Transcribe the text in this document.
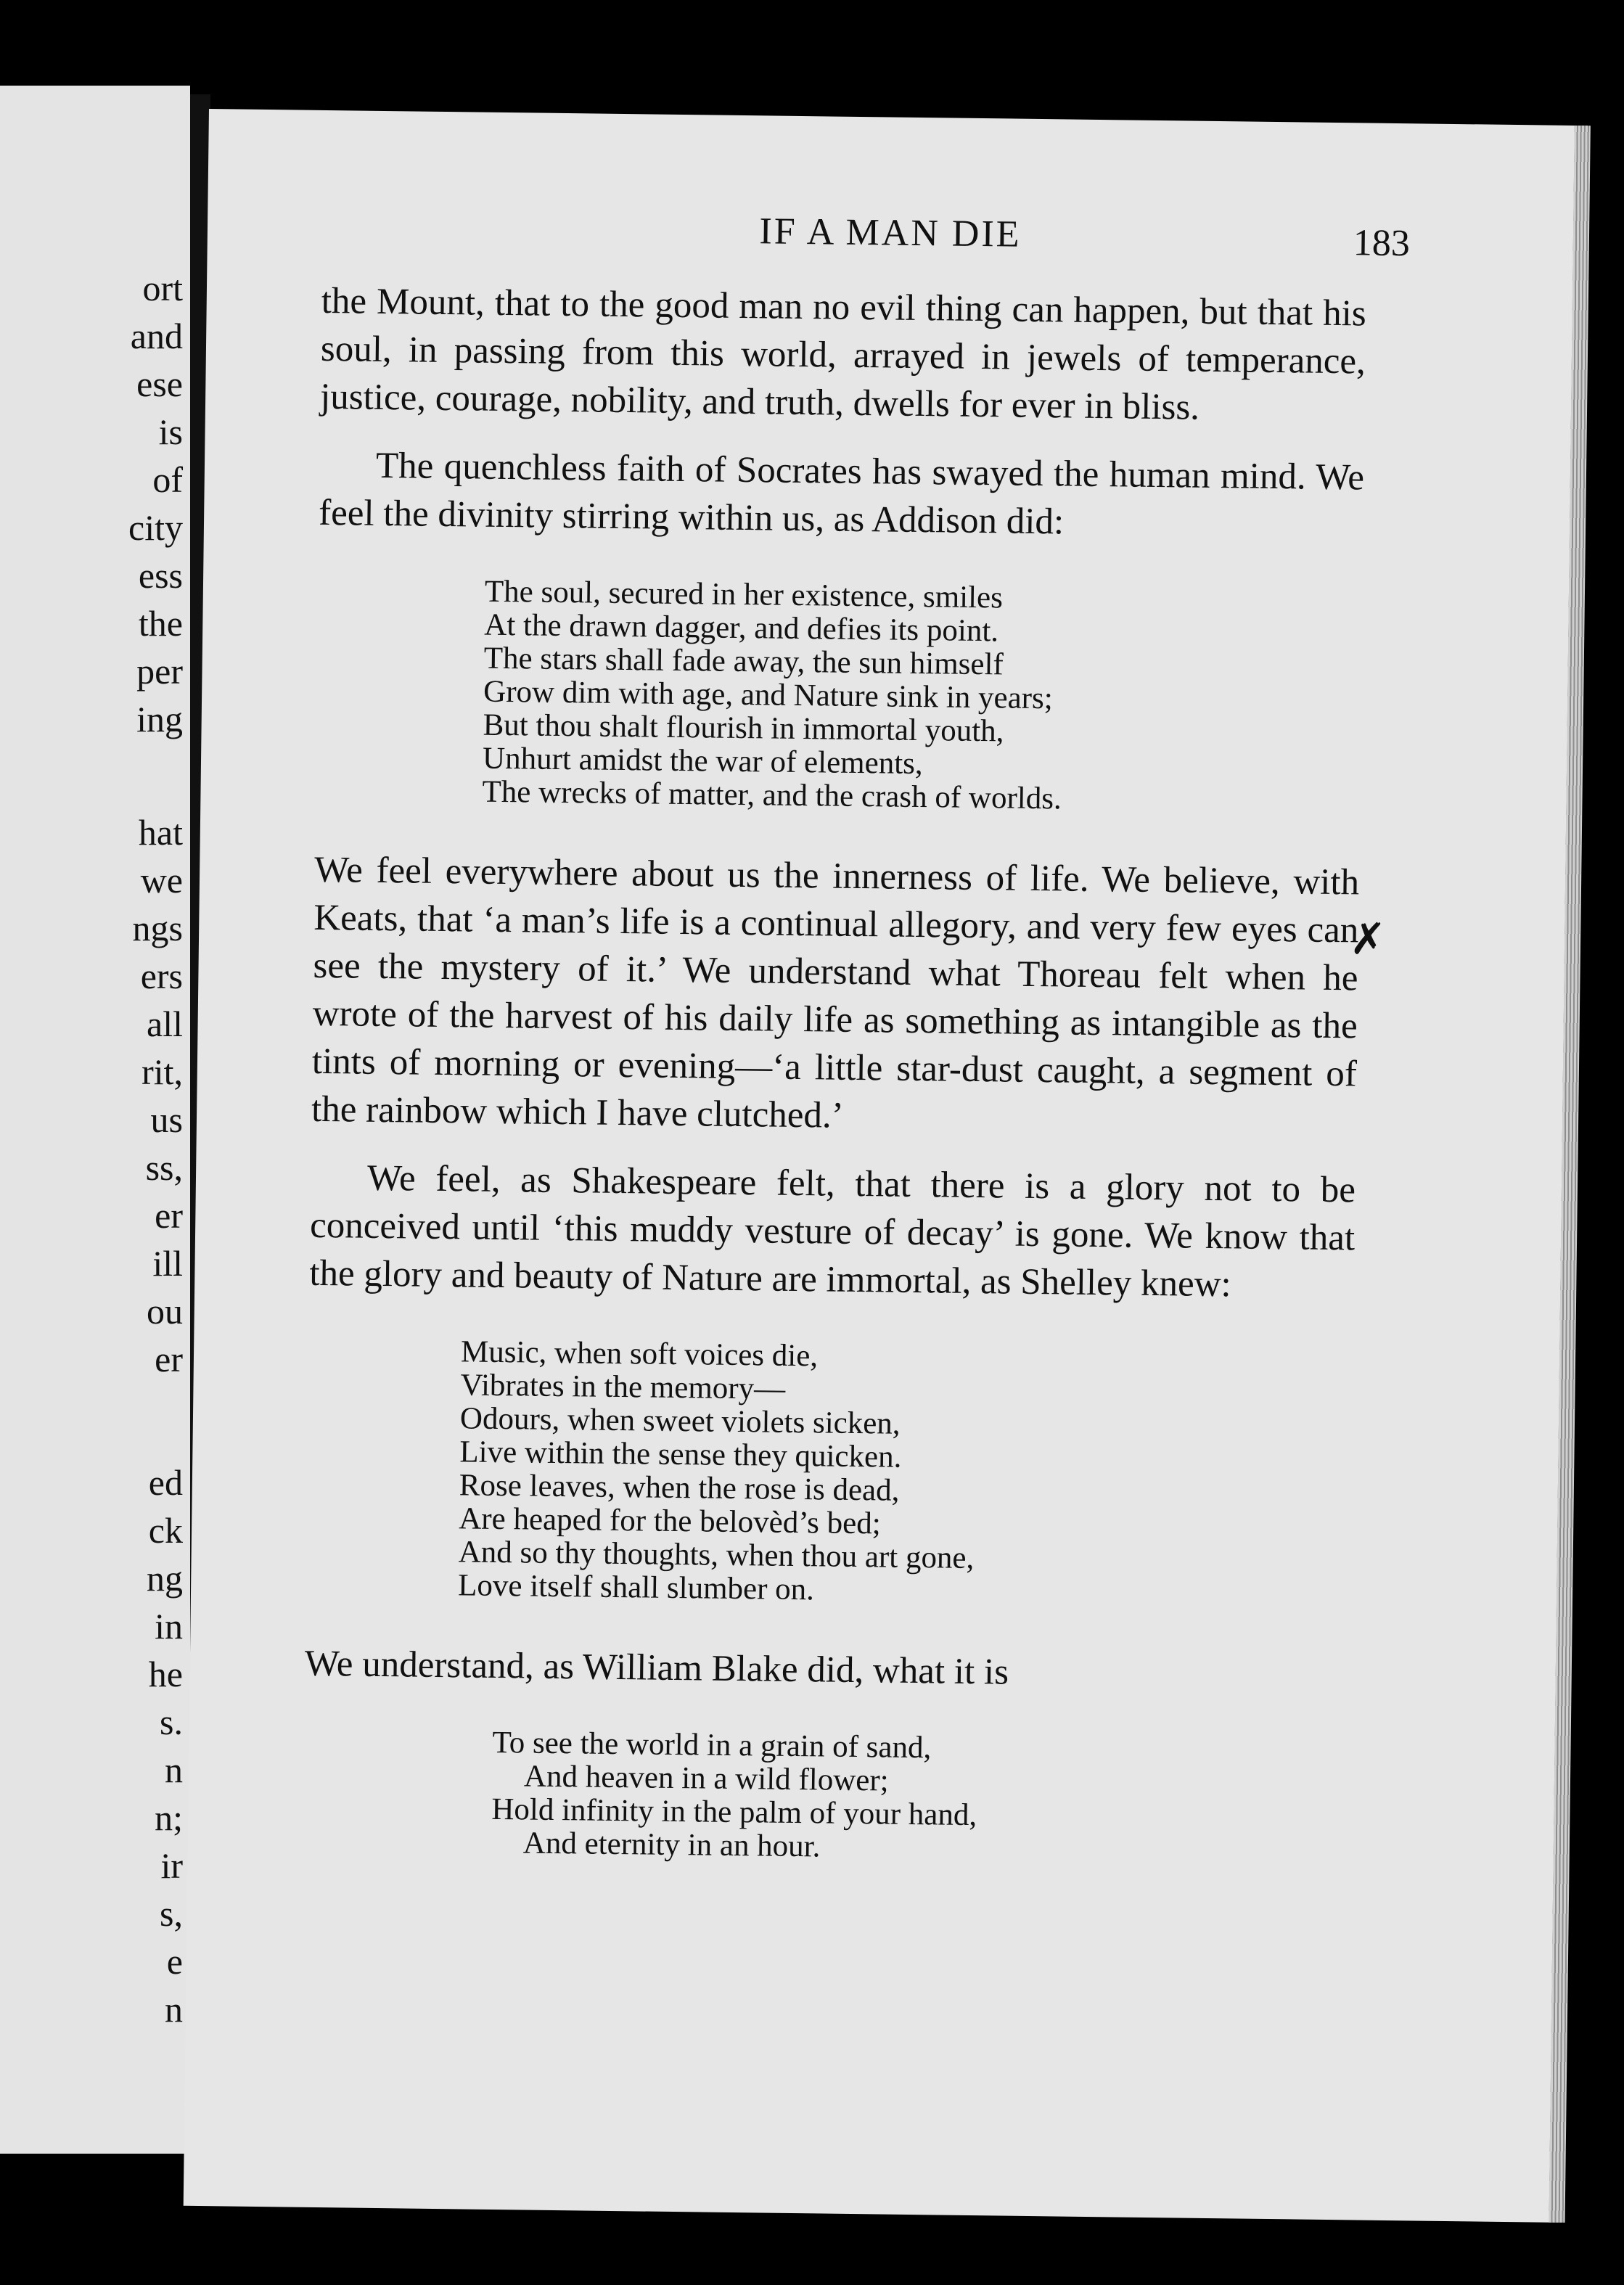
ort
and
ese
is
of
city
ess
the
per
ing
hat
we
ngs
ers
all
rit,
us
ss,
er
ill
ou
er
ed
ck
ng
in
he
s.
n
n;
ir
s,
e
n
IF A MAN DIE	183
✗

the Mount, that to the good man no evil thing can happen, but that his soul, in passing from this world, arrayed in jewels of temperance, justice, courage, nobility, and truth, dwells for ever in bliss.

The quenchless faith of Socrates has swayed the human mind. We feel the divinity stirring within us, as Addison did:

The soul, secured in her existence, smiles
At the drawn dagger, and defies its point.
The stars shall fade away, the sun himself
Grow dim with age, and Nature sink in years;
But thou shalt flourish in immortal youth,
Unhurt amidst the war of elements,
The wrecks of matter, and the crash of worlds.

We feel everywhere about us the innerness of life. We believe, with Keats, that ‘a man’s life is a continual allegory, and very few eyes can see the mystery of it.’ We understand what Thoreau felt when he wrote of the harvest of his daily life as something as intangible as the tints of morning or evening—‘a little star-dust caught, a segment of the rainbow which I have clutched.’

We feel, as Shakespeare felt, that there is a glory not to be conceived until ‘this muddy vesture of decay’ is gone. We know that the glory and beauty of Nature are immortal, as Shelley knew:

Music, when soft voices die,
Vibrates in the memory—
Odours, when sweet violets sicken,
Live within the sense they quicken.
Rose leaves, when the rose is dead,
Are heaped for the belovèd’s bed;
And so thy thoughts, when thou art gone,
Love itself shall slumber on.

We understand, as William Blake did, what it is

To see the world in a grain of sand,
And heaven in a wild flower;
Hold infinity in the palm of your hand,
And eternity in an hour.
